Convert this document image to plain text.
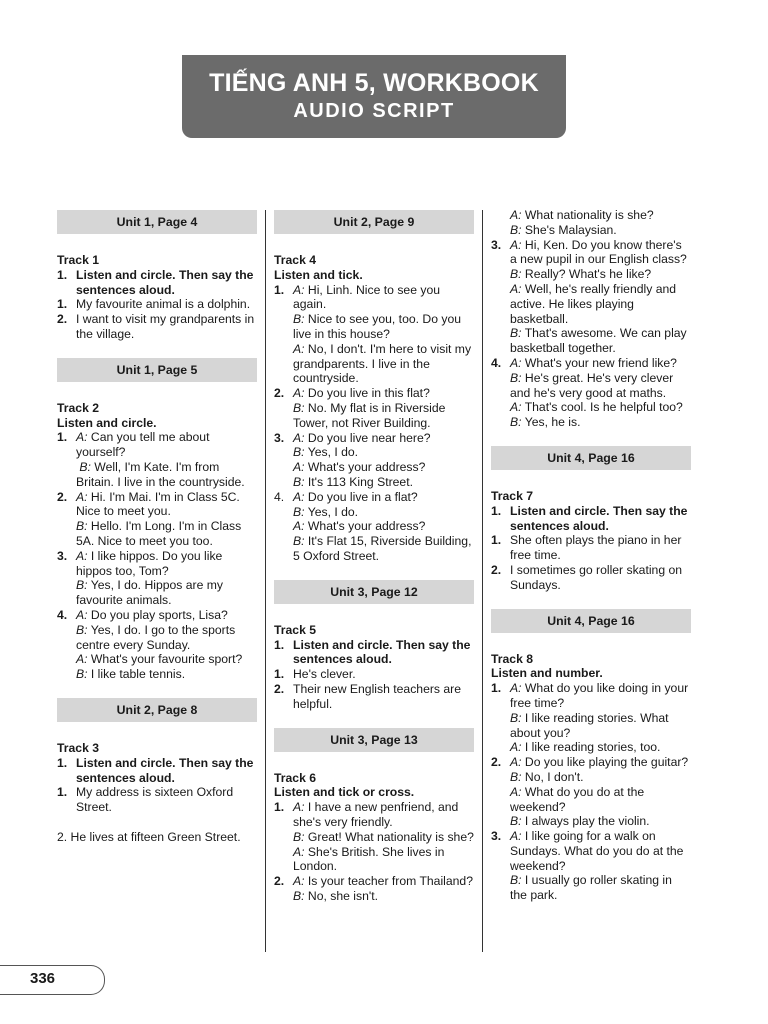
TIẾNG ANH 5, WORKBOOK
AUDIO SCRIPT
Unit 1, Page 4
Track 1
1. Listen and circle. Then say the sentences aloud.
1. My favourite animal is a dolphin.
2. I want to visit my grandparents in the village.
Unit 1, Page 5
Track 2
Listen and circle.
1. A: Can you tell me about yourself?
B: Well, I'm Kate. I'm from Britain. I live in the countryside.
2. A: Hi. I'm Mai. I'm in Class 5C. Nice to meet you.
B: Hello. I'm Long. I'm in Class 5A. Nice to meet you too.
3. A: I like hippos. Do you like hippos too, Tom?
B: Yes, I do. Hippos are my favourite animals.
4. A: Do you play sports, Lisa?
B: Yes, I do. I go to the sports centre every Sunday.
A: What's your favourite sport?
B: I like table tennis.
Unit 2, Page 8
Track 3
1. Listen and circle. Then say the sentences aloud.
1. My address is sixteen Oxford Street.
2. He lives at fifteen Green Street.
Unit 2, Page 9
Track 4
Listen and tick.
1. A: Hi, Linh. Nice to see you again.
B: Nice to see you, too. Do you live in this house?
A: No, I don't. I'm here to visit my grandparents. I live in the countryside.
2. A: Do you live in this flat?
B: No. My flat is in Riverside Tower, not River Building.
3. A: Do you live near here?
B: Yes, I do.
A: What's your address?
B: It's 113 King Street.
4. A: Do you live in a flat?
B: Yes, I do.
A: What's your address?
B: It's Flat 15, Riverside Building, 5 Oxford Street.
Unit 3, Page 12
Track 5
1. Listen and circle. Then say the sentences aloud.
1. He's clever.
2. Their new English teachers are helpful.
Unit 3, Page 13
Track 6
Listen and tick or cross.
1. A: I have a new penfriend, and she's very friendly.
B: Great! What nationality is she?
A: She's British. She lives in London.
2. A: Is your teacher from Thailand?
B: No, she isn't.
A: What nationality is she?
B: She's Malaysian.
3. A: Hi, Ken. Do you know there's a new pupil in our English class?
B: Really? What's he like?
A: Well, he's really friendly and active. He likes playing basketball.
B: That's awesome. We can play basketball together.
4. A: What's your new friend like?
B: He's great. He's very clever and he's very good at maths.
A: That's cool. Is he helpful too?
B: Yes, he is.
Unit 4, Page 16
Track 7
1. Listen and circle. Then say the sentences aloud.
1. She often plays the piano in her free time.
2. I sometimes go roller skating on Sundays.
Unit 4, Page 16
Track 8
Listen and number.
1. A: What do you like doing in your free time?
B: I like reading stories. What about you?
A: I like reading stories, too.
2. A: Do you like playing the guitar?
B: No, I don't.
A: What do you do at the weekend?
B: I always play the violin.
3. A: I like going for a walk on Sundays. What do you do at the weekend?
B: I usually go roller skating in the park.
336
